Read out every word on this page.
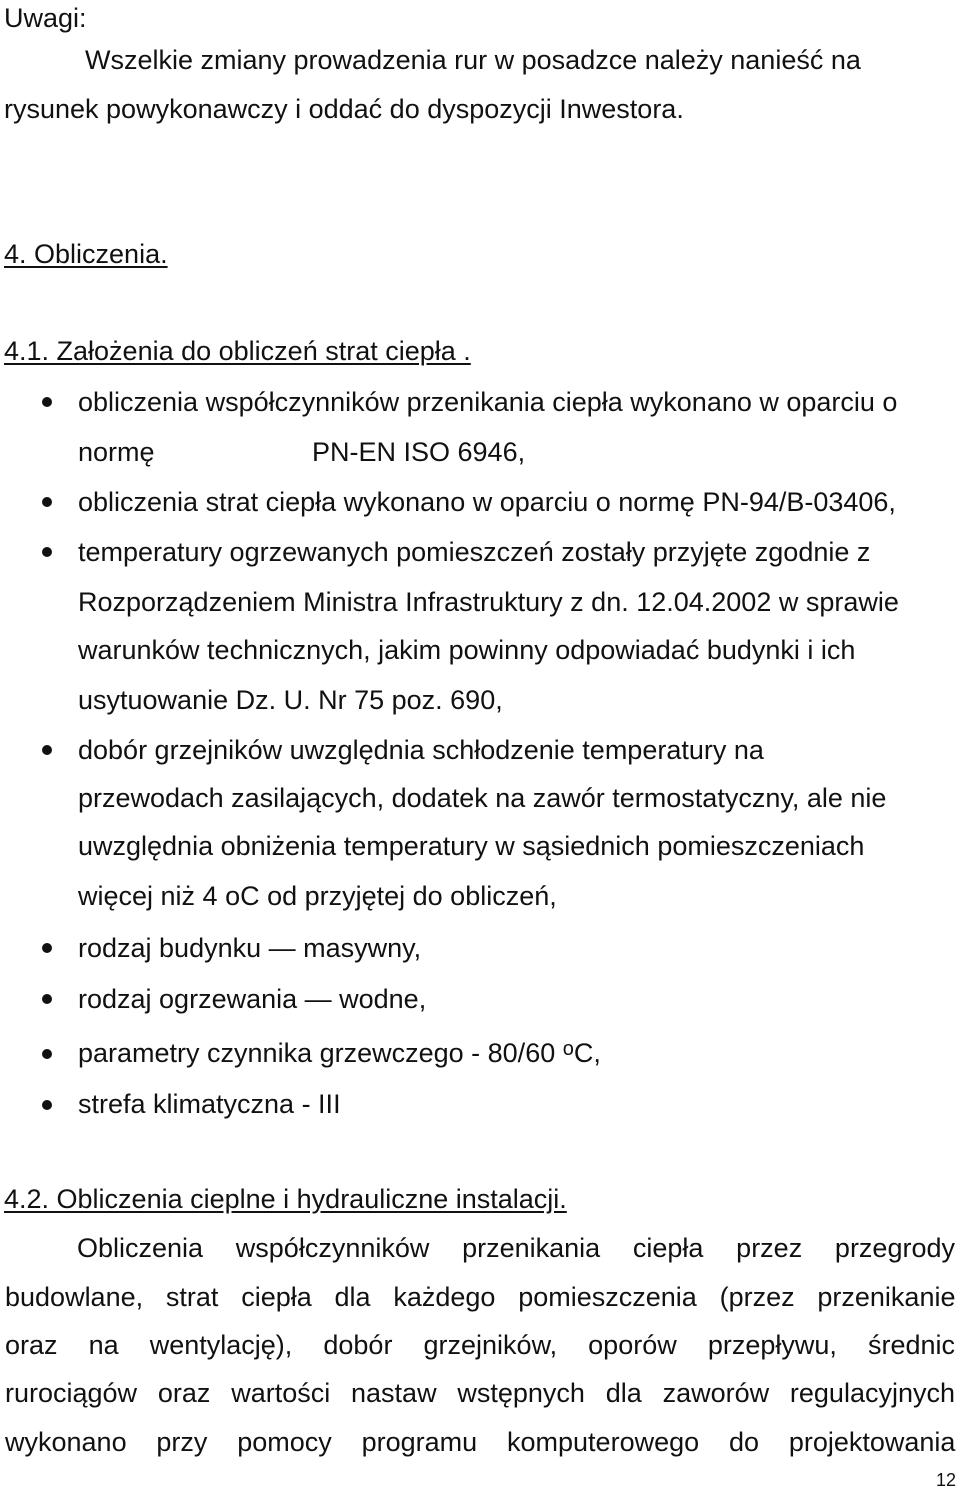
Uwagi:
Wszelkie zmiany prowadzenia rur w posadzce należy nanieść na
rysunek powykonawczy i oddać do dyspozycji Inwestora.
4. Obliczenia.
4.1. Założenia do obliczeń strat ciepła .
obliczenia współczynników przenikania ciepła wykonano w oparciu o
normę	PN-EN ISO 6946,
obliczenia strat ciepła wykonano w oparciu o normę PN-94/B-03406,
temperatury ogrzewanych pomieszczeń zostały przyjęte zgodnie z
Rozporządzeniem Ministra Infrastruktury z dn. 12.04.2002 w sprawie
warunków technicznych, jakim powinny odpowiadać budynki i ich
usytuowanie Dz. U. Nr 75 poz. 690,
dobór grzejników uwzględnia schłodzenie temperatury na
przewodach zasilających, dodatek na zawór termostatyczny, ale nie
uwzględnia obniżenia temperatury w sąsiednich pomieszczeniach
więcej niż 4 oC od przyjętej do obliczeń,
rodzaj budynku — masywny,
rodzaj ogrzewania — wodne,
parametry czynnika grzewczego - 80/60 $^o$C,
strefa klimatyczna - III
4.2. Obliczenia cieplne i hydrauliczne instalacji.
Obliczenia współczynników przenikania ciepła przez przegrody
budowlane, strat ciepła dla każdego pomieszczenia (przez przenikanie
oraz na wentylację), dobór grzejników, oporów przepływu, średnic
rurociągów oraz wartości nastaw wstępnych dla zaworów regulacyjnych
wykonano przy pomocy programu komputerowego do projektowania
12
